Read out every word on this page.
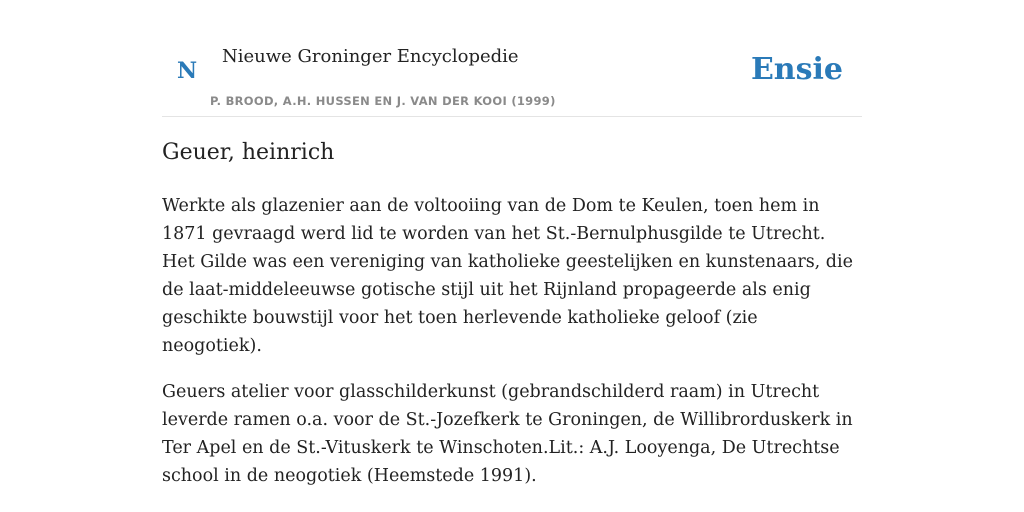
N
Nieuwe Groninger Encyclopedie
P. BROOD, A.H. HUSSEN EN J. VAN DER KOOI (1999)
Ensie
Geuer, heinrich

Werkte als glazenier aan de voltooiing van de Dom te Keulen, toen hem in 1871 gevraagd werd lid te worden van het St.-Bernulphusgilde te Utrecht. Het Gilde was een vereniging van katholieke geestelijken en kunstenaars, die de laat-middeleeuwse gotische stijl uit het Rijnland propageerde als enig geschikte bouwstijl voor het toen herlevende katholieke geloof (zie neogotiek).

Geuers atelier voor glasschilderkunst (gebrandschilderd raam) in Utrecht leverde ramen o.a. voor de St.-Jozefkerk te Groningen, de Willibrorduskerk in Ter Apel en de St.-Vituskerk te Winschoten.Lit.: A.J. Looyenga, De Utrechtse school in de neogotiek (Heemstede 1991).
